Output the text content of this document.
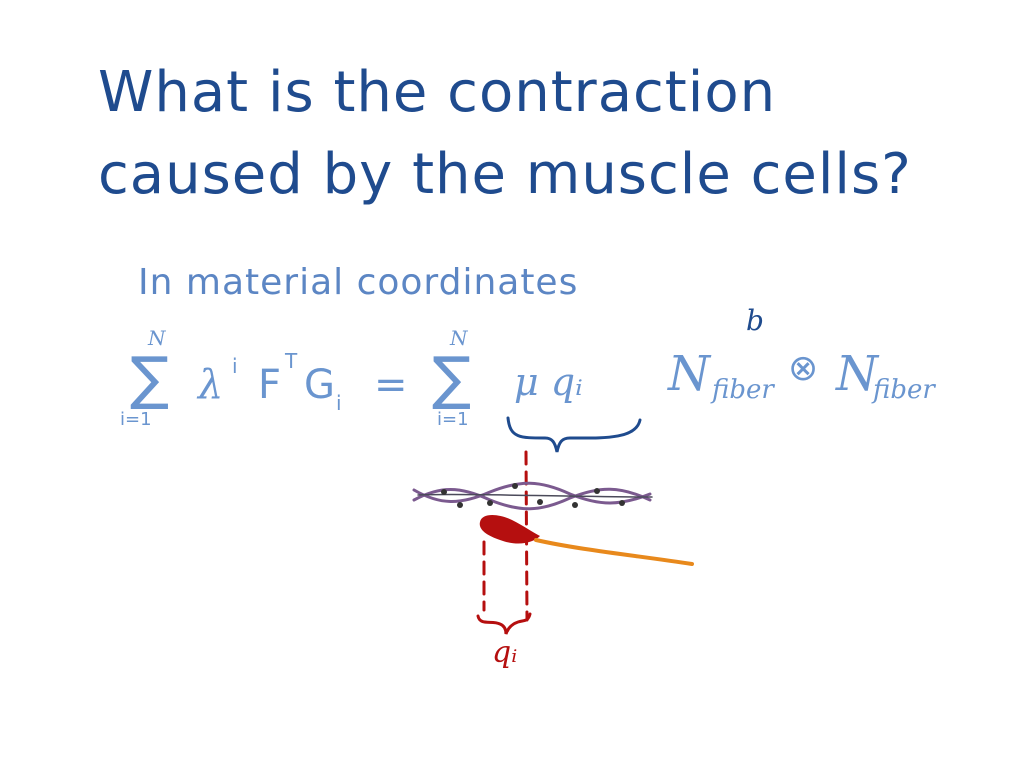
What is the contraction
caused by the muscle cells?
In material coordinates
N
∑
i=1
λ i F
T
G i =
N
∑
i=1
μ qᵢ N
b
fiber
⊗ N
fiber
qᵢ
